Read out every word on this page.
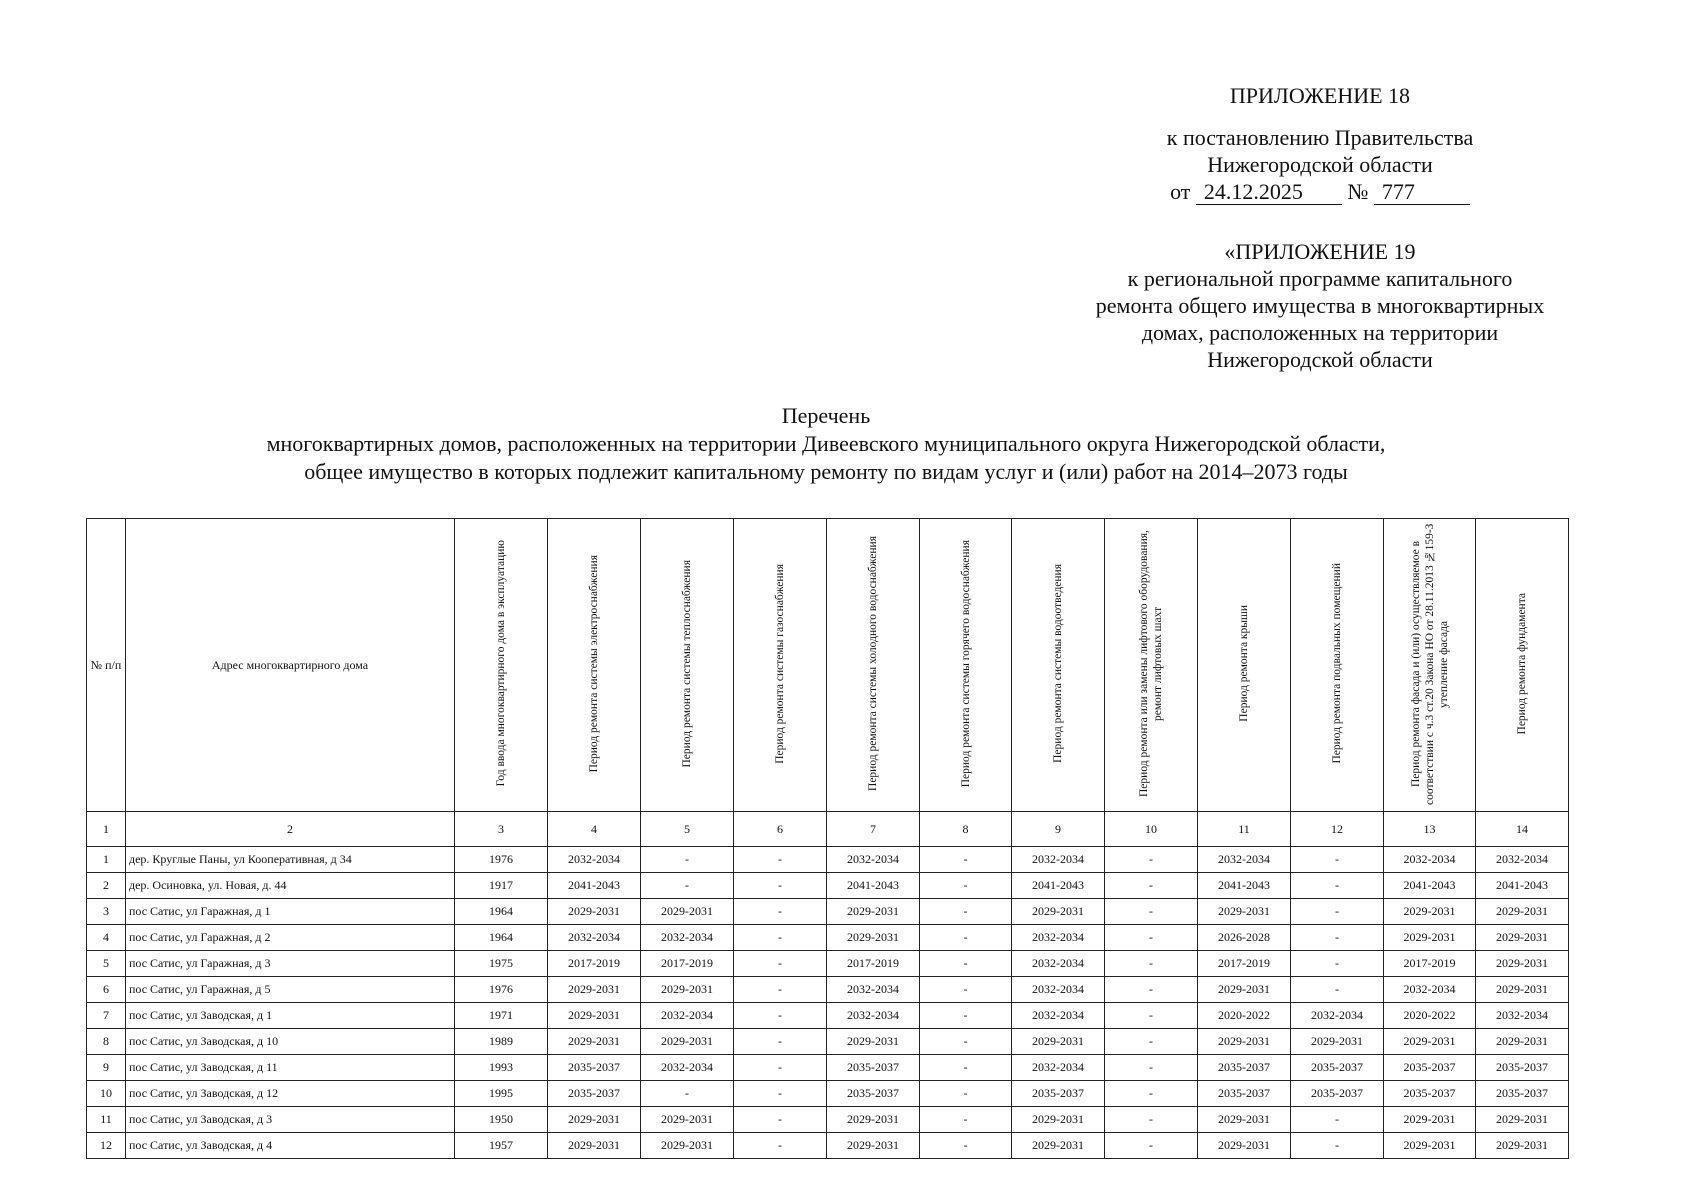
ПРИЛОЖЕНИЕ 18
к постановлению Правительства
Нижегородской области
от 24.12.2025 № 777
«ПРИЛОЖЕНИЕ 19
к региональной программе капитального
ремонта общего имущества в многоквартирных
домах, расположенных на территории
Нижегородской области
Перечень
многоквартирных домов, расположенных на территории Дивеевского муниципального округа Нижегородской области,
общее имущество в которых подлежит капитальному ремонту по видам услуг и (или) работ на 2014–2073 годы
№ п/п	Адрес многоквартирного дома	Год ввода многоквартирного дома в эксплуатацию	Период ремонта системы электроснабжения	Период ремонта системы теплоснабжения	Период ремонта системы газоснабжения	Период ремонта системы холодного водоснабжения	Период ремонта системы горячего водоснабжения	Период ремонта системы водоотведения	Период ремонта или замены лифтового оборудования, ремонт лифтовых шахт	Период ремонта крыши	Период ремонта подвальных помещений	Период ремонта фасада и (или) осуществляемое в соответствии с ч.3 ст.20 Закона НО от 28.11.2013 №159-З утепление фасада	Период ремонта фундамента
1	2	3	4	5	6	7	8	9	10	11	12	13	14
1	дер. Круглые Паны, ул Кооперативная, д 34	1976	2032-2034	-	-	2032-2034	-	2032-2034	-	2032-2034	-	2032-2034	2032-2034
2	дер. Осиновка, ул. Новая, д. 44	1917	2041-2043	-	-	2041-2043	-	2041-2043	-	2041-2043	-	2041-2043	2041-2043
3	пос Сатис, ул Гаражная, д 1	1964	2029-2031	2029-2031	-	2029-2031	-	2029-2031	-	2029-2031	-	2029-2031	2029-2031
4	пос Сатис, ул Гаражная, д 2	1964	2032-2034	2032-2034	-	2029-2031	-	2032-2034	-	2026-2028	-	2029-2031	2029-2031
5	пос Сатис, ул Гаражная, д 3	1975	2017-2019	2017-2019	-	2017-2019	-	2032-2034	-	2017-2019	-	2017-2019	2029-2031
6	пос Сатис, ул Гаражная, д 5	1976	2029-2031	2029-2031	-	2032-2034	-	2032-2034	-	2029-2031	-	2032-2034	2029-2031
7	пос Сатис, ул Заводская, д 1	1971	2029-2031	2032-2034	-	2032-2034	-	2032-2034	-	2020-2022	2032-2034	2020-2022	2032-2034
8	пос Сатис, ул Заводская, д 10	1989	2029-2031	2029-2031	-	2029-2031	-	2029-2031	-	2029-2031	2029-2031	2029-2031	2029-2031
9	пос Сатис, ул Заводская, д 11	1993	2035-2037	2032-2034	-	2035-2037	-	2032-2034	-	2035-2037	2035-2037	2035-2037	2035-2037
10	пос Сатис, ул Заводская, д 12	1995	2035-2037	-	-	2035-2037	-	2035-2037	-	2035-2037	2035-2037	2035-2037	2035-2037
11	пос Сатис, ул Заводская, д 3	1950	2029-2031	2029-2031	-	2029-2031	-	2029-2031	-	2029-2031	-	2029-2031	2029-2031
12	пос Сатис, ул Заводская, д 4	1957	2029-2031	2029-2031	-	2029-2031	-	2029-2031	-	2029-2031	-	2029-2031	2029-2031
